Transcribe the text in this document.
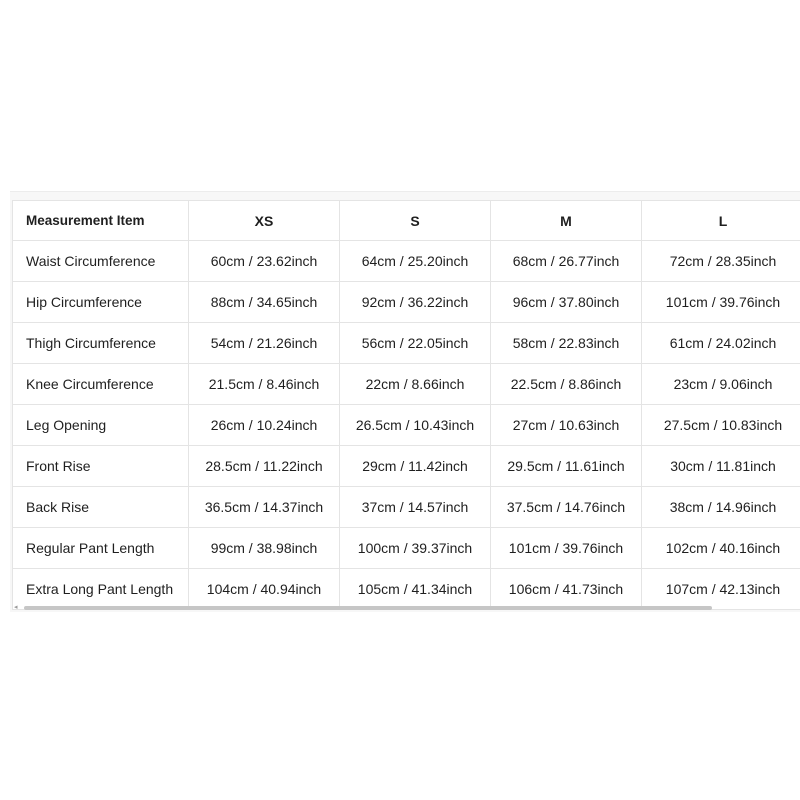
Measurement Item	XS	S	M	L
Waist Circumference	60cm / 23.62inch	64cm / 25.20inch	68cm / 26.77inch	72cm / 28.35inch
Hip Circumference	88cm / 34.65inch	92cm / 36.22inch	96cm / 37.80inch	101cm / 39.76inch
Thigh Circumference	54cm / 21.26inch	56cm / 22.05inch	58cm / 22.83inch	61cm / 24.02inch
Knee Circumference	21.5cm / 8.46inch	22cm / 8.66inch	22.5cm / 8.86inch	23cm / 9.06inch
Leg Opening	26cm / 10.24inch	26.5cm / 10.43inch	27cm / 10.63inch	27.5cm / 10.83inch
Front Rise	28.5cm / 11.22inch	29cm / 11.42inch	29.5cm / 11.61inch	30cm / 11.81inch
Back Rise	36.5cm / 14.37inch	37cm / 14.57inch	37.5cm / 14.76inch	38cm / 14.96inch
Regular Pant Length	99cm / 38.98inch	100cm / 39.37inch	101cm / 39.76inch	102cm / 40.16inch
Extra Long Pant Length	104cm / 40.94inch	105cm / 41.34inch	106cm / 41.73inch	107cm / 42.13inch
◂
